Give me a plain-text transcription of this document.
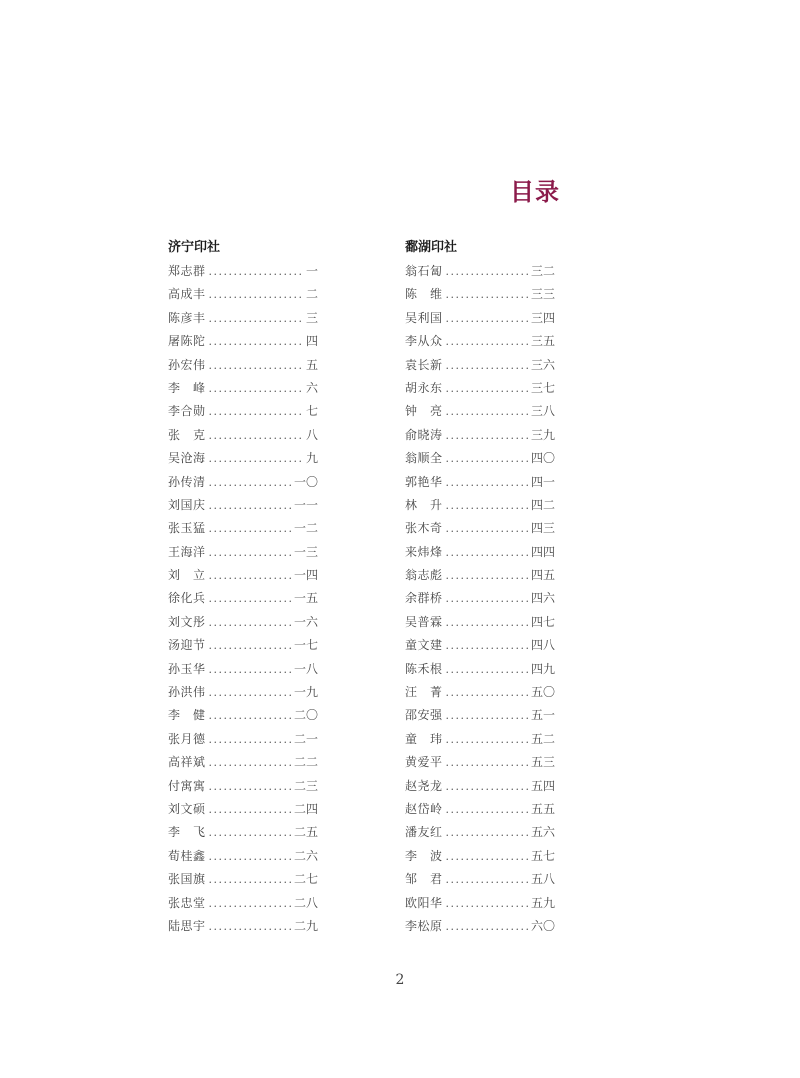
目录
济宁印社
郑志群 .....	一
高成丰 .....	二
陈彦丰 .....	三
屠陈陀 .....	四
孙宏伟 .....	五
李　峰 .....	六
李合勋 .....	七
张　克 .....	八
吴沧海 .....	九
孙传清 .....	一〇
刘国庆 .....	一一
张玉猛 .....	一二
王海洋 .....	一三
刘　立 .....	一四
徐化兵 .....	一五
刘文彤 .....	一六
汤迎节 .....	一七
孙玉华 .....	一八
孙洪伟 .....	一九
李　健 .....	二〇
张月德 .....	二一
高祥斌 .....	二二
付寓寓 .....	二三
刘文硕 .....	二四
李　飞 .....	二五
荀桂鑫 .....	二六
张国旗 .....	二七
张忠堂 .....	二八
陆思宇 .....	二九
鄱湖印社
翁石匐 .....	三二
陈　维 .....	三三
吴利国 .....	三四
李从众 .....	三五
袁长新 .....	三六
胡永东 .....	三七
钟　亮 .....	三八
俞晓涛 .....	三九
翁顺全 .....	四〇
郭艳华 .....	四一
林　升 .....	四二
张木奇 .....	四三
来炜烽 .....	四四
翁志彪 .....	四五
余群桥 .....	四六
吴普霖 .....	四七
童文建 .....	四八
陈禾根 .....	四九
汪　菁 .....	五〇
邵安强 .....	五一
童　玮 .....	五二
黄爱平 .....	五三
赵尧龙 .....	五四
赵岱岭 .....	五五
潘友红 .....	五六
李　波 .....	五七
邹　君 .....	五八
欧阳华 .....	五九
李松原 .....	六〇
2
